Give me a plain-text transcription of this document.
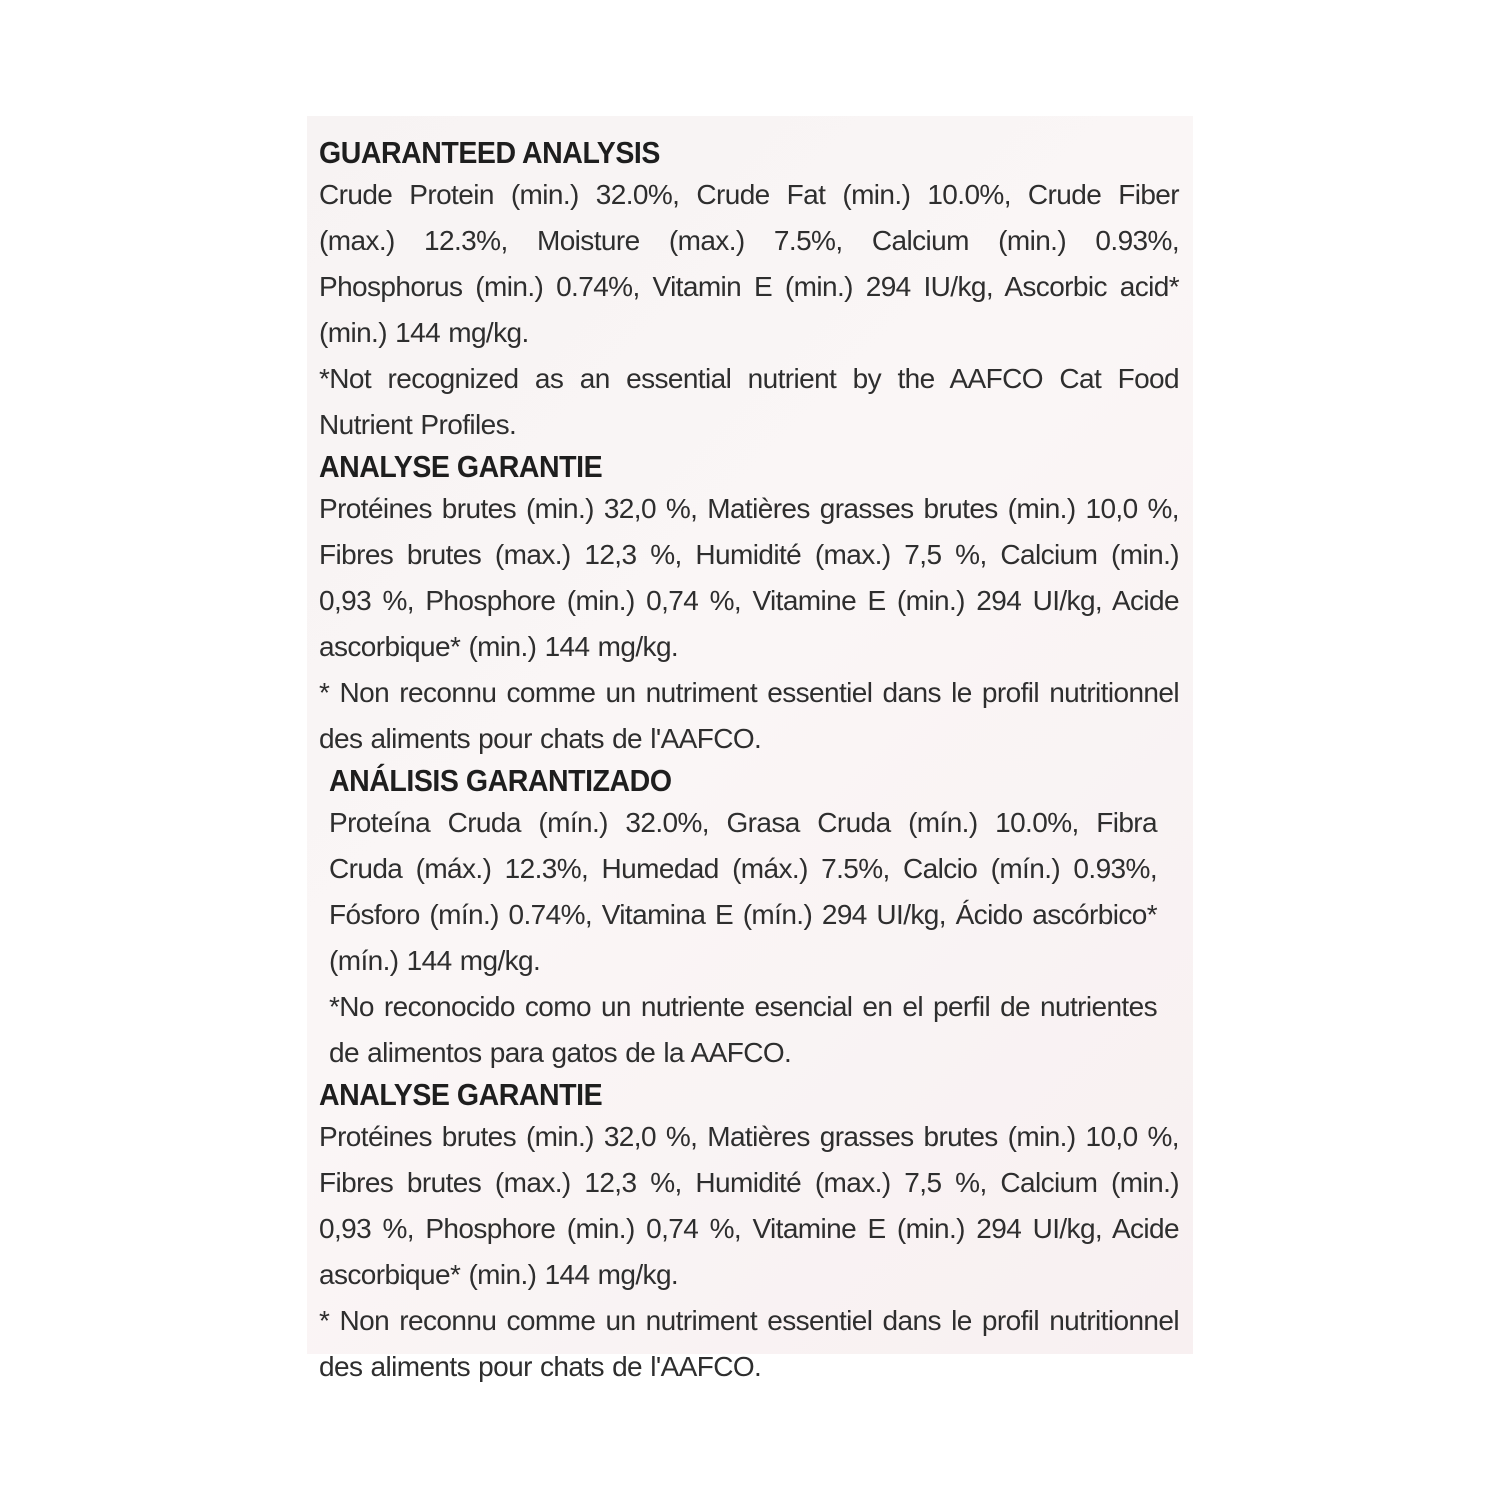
GUARANTEED ANALYSIS

Crude Protein (min.) 32.0%, Crude Fat (min.) 10.0%, Crude Fiber (max.) 12.3%, Moisture (max.) 7.5%, Calcium (min.) 0.93%, Phosphorus (min.) 0.74%, Vitamin E (min.) 294 IU/kg, Ascorbic acid* (min.) 144 mg/kg.

*Not recognized as an essential nutrient by the AAFCO Cat Food Nutrient Profiles.

ANALYSE GARANTIE

Protéines brutes (min.) 32,0 %, Matières grasses brutes (min.) 10,0 %, Fibres brutes (max.) 12,3 %, Humidité (max.) 7,5 %, Calcium (min.) 0,93 %, Phosphore (min.) 0,74 %, Vitamine E (min.) 294 UI/kg, Acide ascorbique* (min.) 144 mg/kg.

* Non reconnu comme un nutriment essentiel dans le profil nutritionnel des aliments pour chats de l'AAFCO.

ANÁLISIS GARANTIZADO

Proteína Cruda (mín.) 32.0%, Grasa Cruda (mín.) 10.0%, Fibra Cruda (máx.) 12.3%, Humedad (máx.) 7.5%, Calcio (mín.) 0.93%, Fósforo (mín.) 0.74%, Vitamina E (mín.) 294 UI/kg, Ácido ascórbico* (mín.) 144 mg/kg.

*No reconocido como un nutriente esencial en el perfil de nutrientes de alimentos para gatos de la AAFCO.

ANALYSE GARANTIE

Protéines brutes (min.) 32,0 %, Matières grasses brutes (min.) 10,0 %, Fibres brutes (max.) 12,3 %, Humidité (max.) 7,5 %, Calcium (min.) 0,93 %, Phosphore (min.) 0,74 %, Vitamine E (min.) 294 UI/kg, Acide ascorbique* (min.) 144 mg/kg.

* Non reconnu comme un nutriment essentiel dans le profil nutritionnel des aliments pour chats de l'AAFCO.
